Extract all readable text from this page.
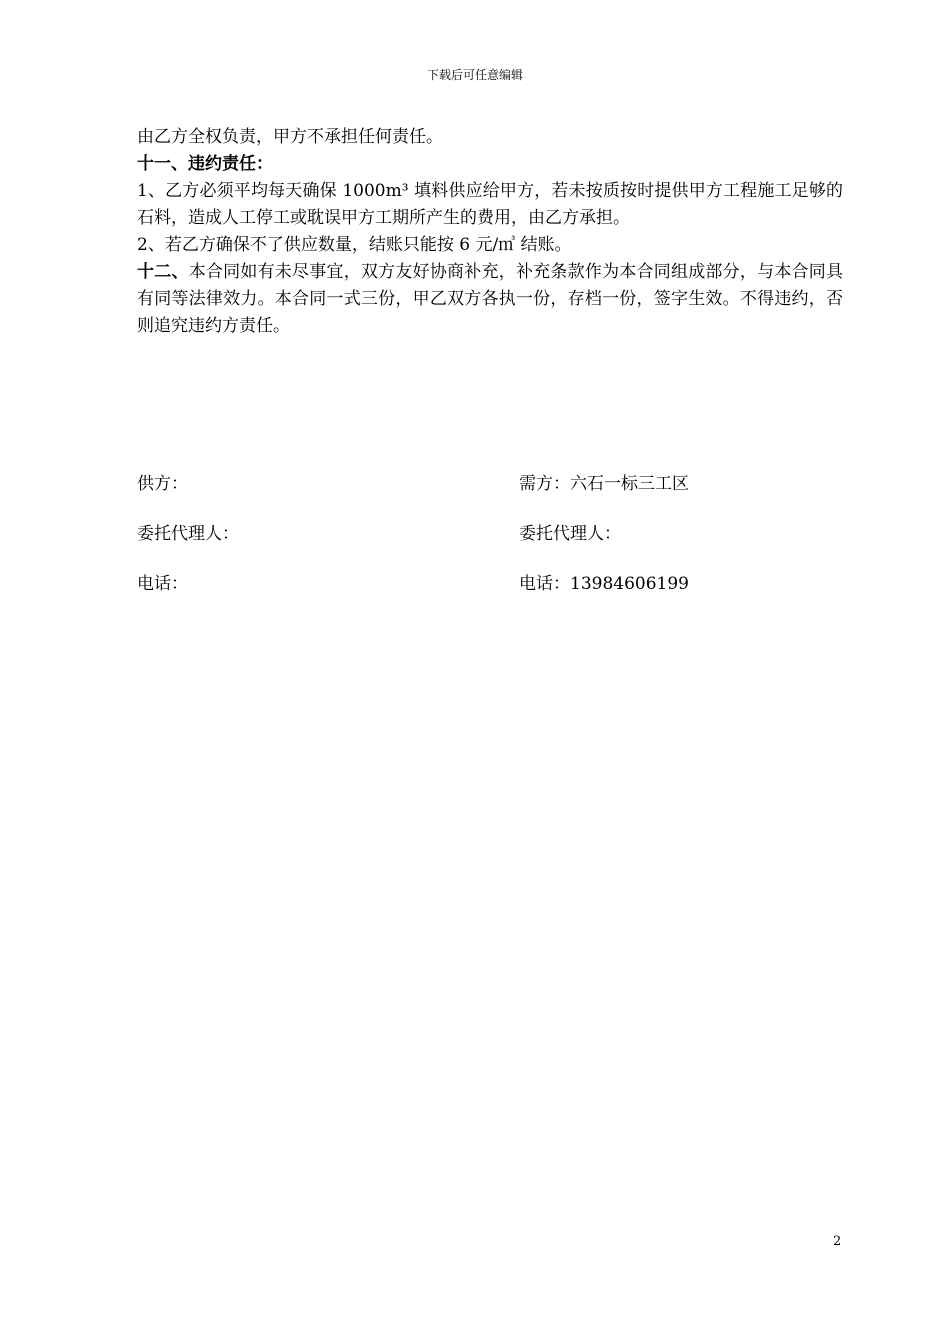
下载后可任意编辑

由乙方全权负责，甲方不承担任何责任。

十一、违约责任：

1、乙方必须平均每天确保 1000m³ 填料供应给甲方，若未按质按时提供甲方工程施工足够的石料，造成人工停工或耽误甲方工期所产生的费用，由乙方承担。

2、若乙方确保不了供应数量，结账只能按 6 元/㎥ 结账。

十二、本合同如有未尽事宜，双方友好协商补充，补充条款作为本合同组成部分，与本合同具有同等法律效力。本合同一式三份，甲乙双方各执一份，存档一份，签字生效。不得违约，否则追究违约方责任。

供方：	需方：六石一标三工区
委托代理人：	委托代理人：
电话：	电话：13984606199
2
